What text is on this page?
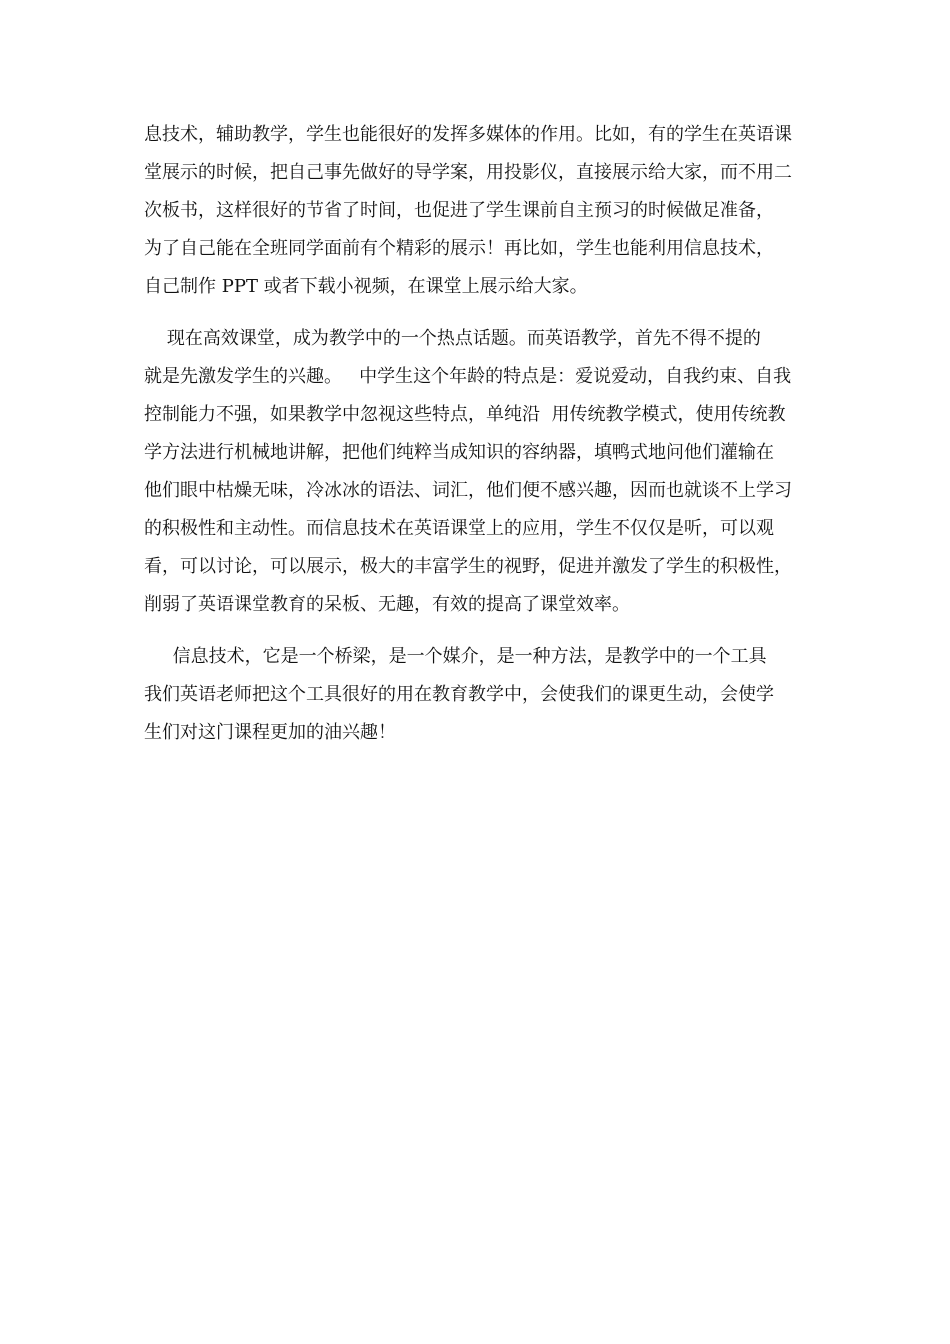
息技术，辅助教学，学生也能很好的发挥多媒体的作用。比如，有的学生在英语课
堂展示的时候，把自己事先做好的导学案，用投影仪，直接展示给大家，而不用二
次板书，这样很好的节省了时间，也促进了学生课前自主预习的时候做足准备，
为了自己能在全班同学面前有个精彩的展示！再比如，学生也能利用信息技术，
自己制作 PPT 或者下载小视频，在课堂上展示给大家。

现在高效课堂，成为教学中的一个热点话题。而英语教学，首先不得不提的
就是先激发学生的兴趣。   中学生这个年龄的特点是：爱说爱动，自我约束、自我
控制能力不强，如果教学中忽视这些特点，单纯沿  用传统教学模式，使用传统教
学方法进行机械地讲解，把他们纯粹当成知识的容纳器，填鸭式地问他们灌输在
他们眼中枯燥无味，冷冰冰的语法、词汇，他们便不感兴趣，因而也就谈不上学习
的积极性和主动性。而信息技术在英语课堂上的应用，学生不仅仅是听，可以观
看，可以讨论，可以展示，极大的丰富学生的视野，促进并激发了学生的积极性，
削弱了英语课堂教育的呆板、无趣，有效的提高了课堂效率。

信息技术，它是一个桥梁，是一个媒介，是一种方法，是教学中的一个工具
我们英语老师把这个工具很好的用在教育教学中，会使我们的课更生动，会使学
生们对这门课程更加的油兴趣！
